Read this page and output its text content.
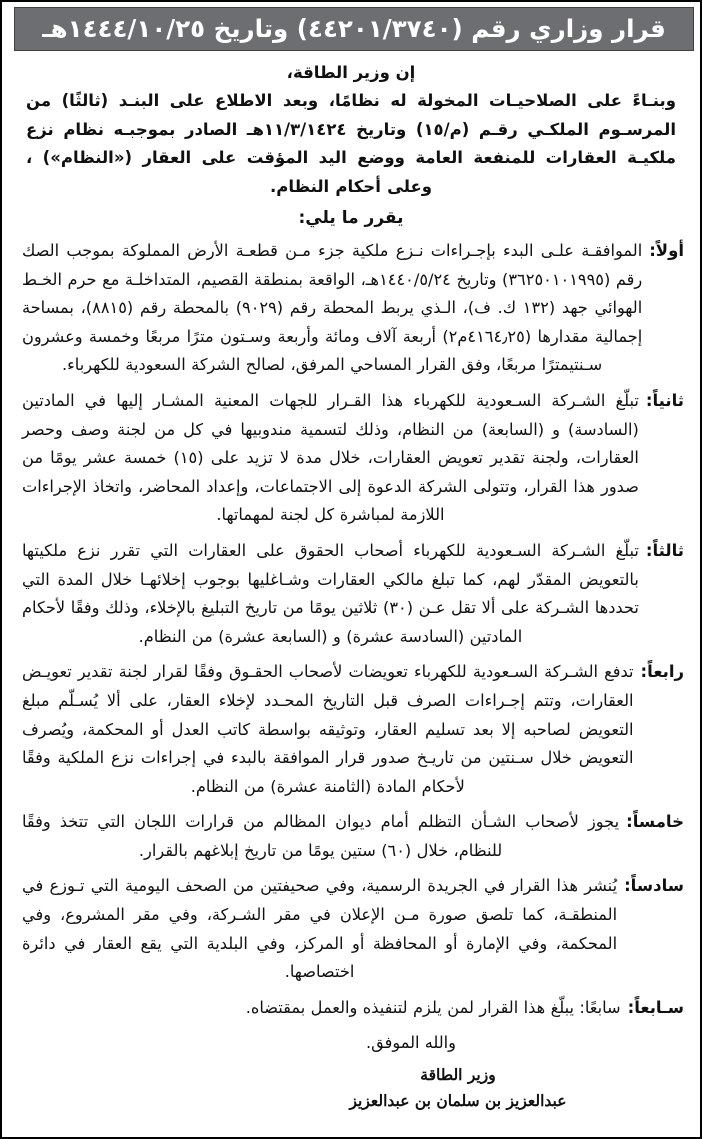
قرار وزاري رقم (٤٤٢٠١/٣٧٤٠) وتاريخ ١٤٤٤/١٠/٢٥هـ

إن وزير الطاقة،

وبنـاءً على الصلاحيـات المخولة له نظامًا، وبعد الاطلاع على البنـد (ثالثًا) من المرسـوم الملكـي رقـم (م/١٥) وتاريخ ١١/٣/١٤٢٤هـ الصادر بموجبـه نظام نزع ملكيـة العقارات للمنفعة العامة ووضع اليد المؤقت على العقار («النظام») ، وعلى أحكام النظام.

يقرر ما يلي:

أولاً:
الموافقـة علـى البدء بإجـراءات نـزع ملكية جزء مـن قطعـة الأرض المملوكة بموجب الصك رقم (٣٦٢٥٠١٠١٩٩٥) وتاريخ ١٤٤٠/٥/٢٤هـ، الواقعة بمنطقة القصيم، المتداخلـة مع حرم الخـط الهوائي جهد (١٣٢ ك. ف)، الـذي يربط المحطة رقم (٩٠٢٩) بالمحطة رقم (٨٨١٥)، بمساحة إجمالية مقدارها (٤١٦٤٫٢٥م٢) أربعة آلاف ومائة وأربعة وسـتون مترًا مربعًا وخمسة وعشرون سـنتيمترًا مربعًا، وفق القرار المساحي المرفق، لصالح الشركة السعودية للكهرباء.
ثانياً:
تبلّغ الشـركة السـعودية للكهرباء هذا القـرار للجهات المعنية المشـار إليها في المادتين (السادسة) و (السابعة) من النظام، وذلك لتسمية مندوبيها في كل من لجنة وصف وحصر العقارات، ولجنة تقدير تعويض العقارات، خلال مدة لا تزيد على (١٥) خمسة عشر يومًا من صدور هذا القرار، وتتولى الشركة الدعوة إلى الاجتماعات، وإعداد المحاضر، واتخاذ الإجراءات اللازمة لمباشرة كل لجنة لمهماتها.
ثالثاً:
تبلّغ الشـركة السـعودية للكهرباء أصحاب الحقوق على العقارات التي تقرر نزع ملكيتها بالتعويض المقدّر لهم، كما تبلغ مالكي العقارات وشـاغليها بوجوب إخلائهـا خلال المدة التي تحددها الشـركة على ألا تقل عـن (٣٠) ثلاثين يومًا من تاريخ التبليغ بالإخلاء، وذلك وفقًا لأحكام المادتين (السادسة عشرة) و (السابعة عشرة) من النظام.
رابعاً:
تدفع الشـركة السـعودية للكهرباء تعويضات لأصحاب الحقـوق وفقًا لقرار لجنة تقدير تعويـض العقارات، وتتم إجـراءات الصرف قبل التاريخ المحـدد لإخلاء العقار، على ألا يُسـلّم مبلغ التعويض لصاحبه إلا بعد تسليم العقار، وتوثيقه بواسطة كاتب العدل أو المحكمة، ويُصرف التعويض خلال سـنتين من تاريـخ صدور قرار الموافقة بالبدء في إجراءات نزع الملكية وفقًا لأحكام المادة (الثامنة عشرة) من النظام.
خامساً:
يجوز لأصحاب الشـأن التظلم أمام ديوان المظالم من قرارات اللجان التي تتخذ وفقًا للنظام، خلال (٦٠) ستين يومًا من تاريخ إبلاغهم بالقرار.
سادساً:
يُنشر هذا القرار في الجريدة الرسمية، وفي صحيفتين من الصحف اليومية التي تـوزع في المنطقـة، كما تلصق صورة مـن الإعلان في مقر الشـركة، وفي مقر المشروع، وفي المحكمة، وفي الإمارة أو المحافظة أو المركز، وفي البلدية التي يقع العقار في دائرة اختصاصها.
سـابعاً:
سابعًا: يبلّغ هذا القرار لمن يلزم لتنفيذه والعمل بمقتضاه.

والله الموفق.

وزير الطاقة
عبدالعزيز بن سلمان بن عبدالعزيز
